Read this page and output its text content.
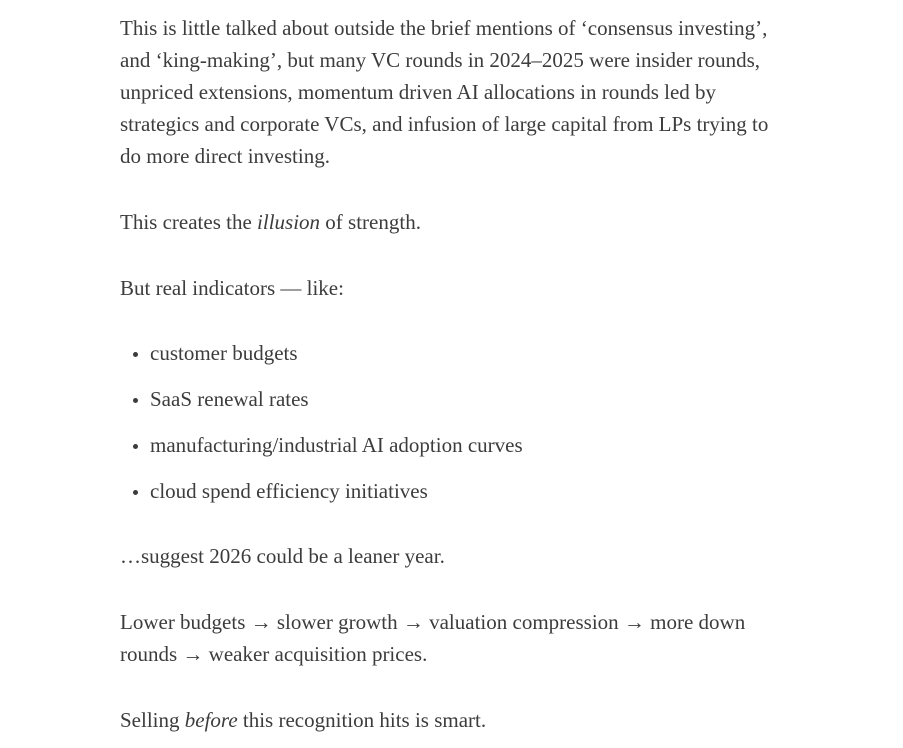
This is little talked about outside the brief mentions of ‘consensus investing’, and ‘king-making’, but many VC rounds in 2024–2025 were insider rounds, unpriced extensions, momentum driven AI allocations in rounds led by strategics and corporate VCs, and infusion of large capital from LPs trying to do more direct investing.

This creates the illusion of strength.

But real indicators — like:

• customer budgets
• SaaS renewal rates
• manufacturing/industrial AI adoption curves
• cloud spend efficiency initiatives

…suggest 2026 could be a leaner year.

Lower budgets → slower growth → valuation compression → more down rounds → weaker acquisition prices.

Selling before this recognition hits is smart.
